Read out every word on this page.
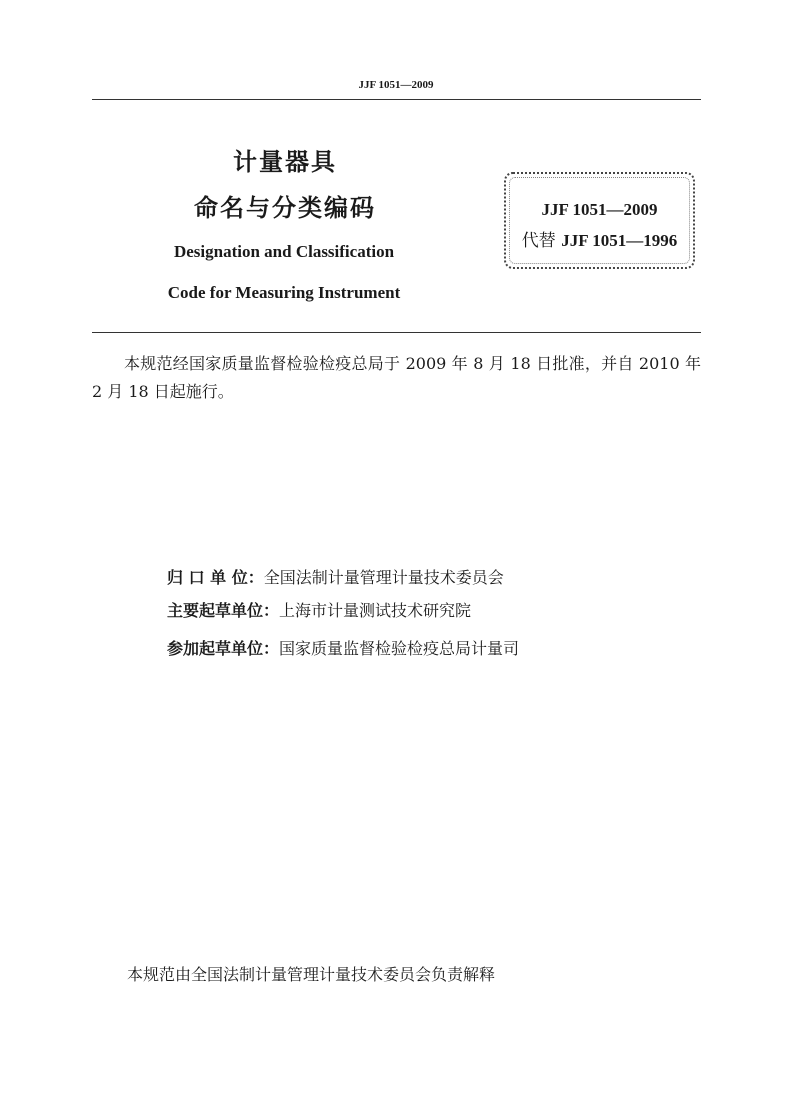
JJF 1051—2009
计量器具
命名与分类编码
Designation and Classification
Code for Measuring Instrument
JJF 1051—2009
代替 JJF 1051—1996
本规范经国家质量监督检验检疫总局于 2009 年 8 月 18 日批准，并自 2010 年 2 月 18 日起施行。
归 口 单 位：全国法制计量管理计量技术委员会
主要起草单位：上海市计量测试技术研究院
参加起草单位：国家质量监督检验检疫总局计量司
本规范由全国法制计量管理计量技术委员会负责解释
